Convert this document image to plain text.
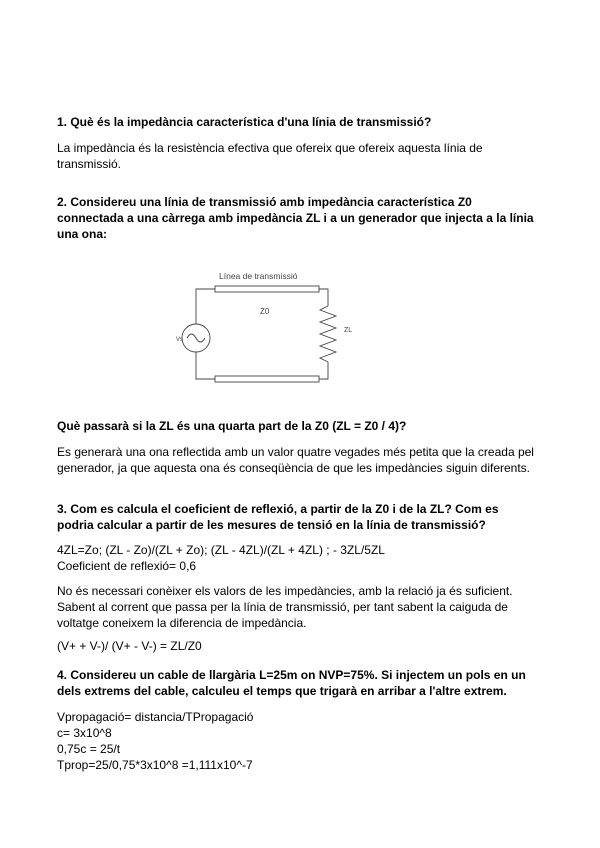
1. Què és la impedància característica d'una línia de transmissió?

La impedància és la resistència efectiva que ofereix que ofereix aquesta línia de
transmissió.

2. Considereu una línia de transmissió amb impedància característica Z0
connectada a una càrrega amb impedància ZL i a un generador que injecta a la línia
una ona:

Línea de transmissió
Vs
Z0
ZL

Què passarà si la ZL és una quarta part de la Z0 (ZL = Z0 / 4)?

Es generarà una ona reflectida amb un valor quatre vegades més petita que la creada pel
generador, ja que aquesta ona és conseqüència de que les impedàncies siguin diferents.

3. Com es calcula el coeficient de reflexió, a partir de la Z0 i de la ZL? Com es
podria calcular a partir de les mesures de tensió en la línia de transmissió?

4ZL=Zo; (ZL - Zo)/(ZL + Zo); (ZL - 4ZL)/(ZL + 4ZL) ; - 3ZL/5ZL
Coeficient de reflexió= 0,6

No és necessari conèixer els valors de les impedàncies, amb la relació ja és suficient.
Sabent al corrent que passa per la línia de transmissió, per tant sabent la caiguda de
voltatge coneixem la diferencia de impedància.

(V+ + V-)/ (V+ - V-) = ZL/Z0

4. Considereu un cable de llargària L=25m on NVP=75%. Si injectem un pols en un
dels extrems del cable, calculeu el temps que trigarà en arribar a l'altre extrem.

Vpropagació= distancia/TPropagació
c= 3x10^8
0,75c = 25/t
Tprop=25/0,75*3x10^8 =1,111x10^-7
